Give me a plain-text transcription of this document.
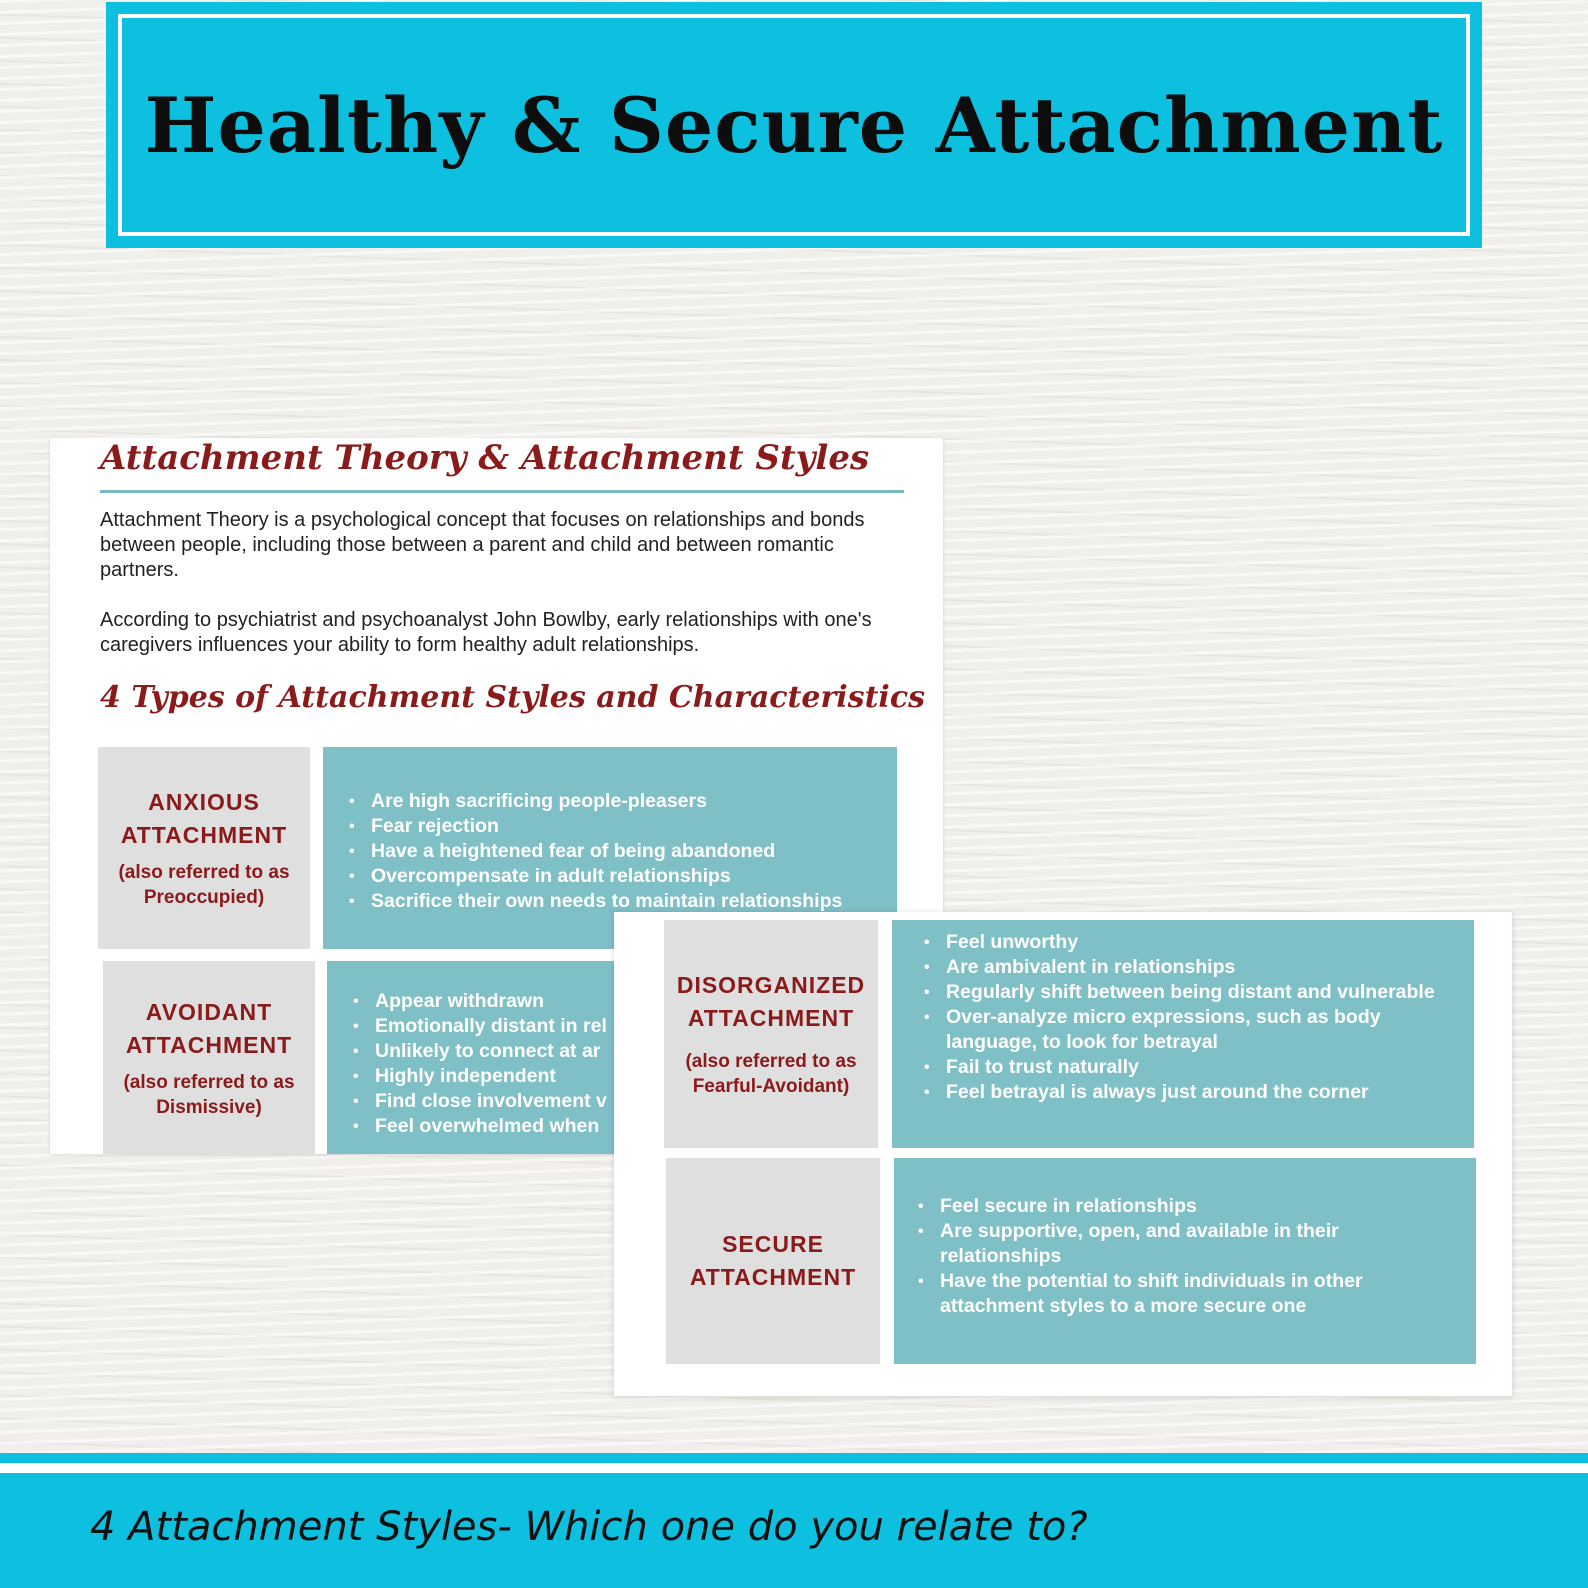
Healthy & Secure Attachment
Attachment Theory & Attachment Styles
Attachment Theory is a psychological concept that focuses on relationships and bonds between people, including those between a parent and child and between romantic partners.
According to psychiatrist and psychoanalyst John Bowlby, early relationships with one's caregivers influences your ability to form healthy adult relationships.
4 Types of Attachment Styles and Characteristics
ANXIOUS
ATTACHMENT
(also referred to as Preoccupied)
• Are high sacrificing people-pleasers
• Fear rejection
• Have a heightened fear of being abandoned
• Overcompensate in adult relationships
• Sacrifice their own needs to maintain relationships
AVOIDANT
ATTACHMENT
(also referred to as Dismissive)
• Appear withdrawn
• Emotionally distant in rel
• Unlikely to connect at ar
• Highly independent
• Find close involvement v
• Feel overwhelmed when
DISORGANIZED
ATTACHMENT
(also referred to as Fearful-Avoidant)
• Feel unworthy
• Are ambivalent in relationships
• Regularly shift between being distant and vulnerable
• Over-analyze micro expressions, such as body language, to look for betrayal
• Fail to trust naturally
• Feel betrayal is always just around the corner
SECURE
ATTACHMENT
• Feel secure in relationships
• Are supportive, open, and available in their relationships
• Have the potential to shift individuals in other attachment styles to a more secure one
4 Attachment Styles- Which one do you relate to?
